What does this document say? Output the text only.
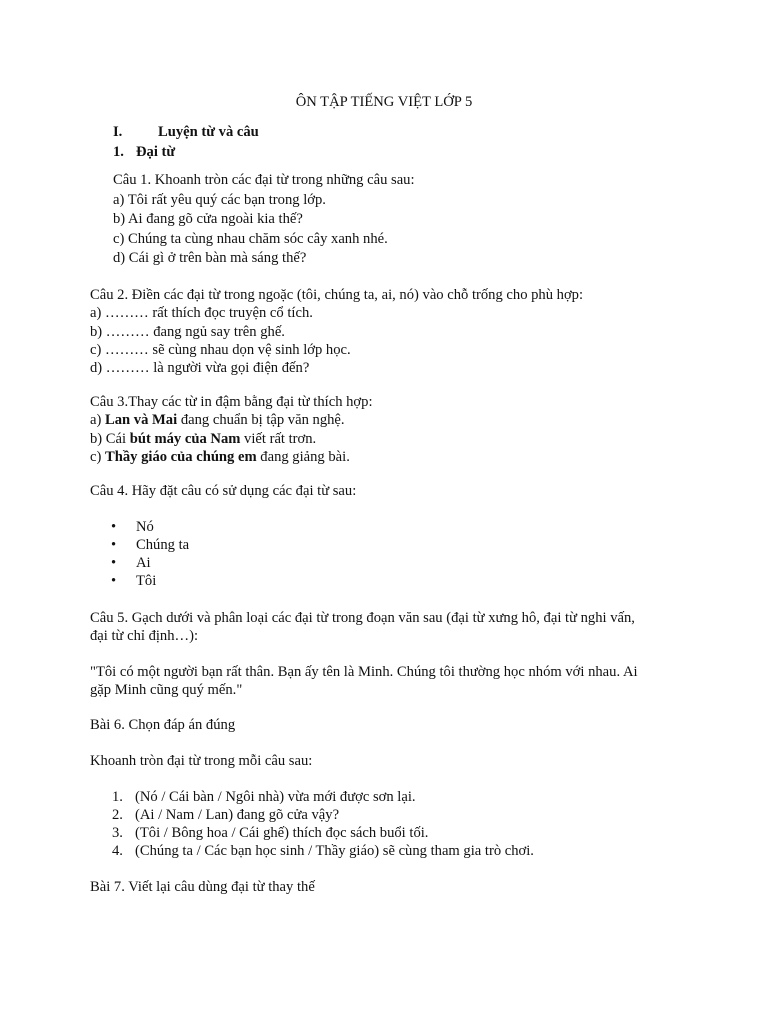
ÔN TẬP TIẾNG VIỆT LỚP 5
I. Luyện từ và câu
1. Đại từ
Câu 1. Khoanh tròn các đại từ trong những câu sau:
a) Tôi rất yêu quý các bạn trong lớp.
b) Ai đang gõ cửa ngoài kia thế?
c) Chúng ta cùng nhau chăm sóc cây xanh nhé.
d) Cái gì ở trên bàn mà sáng thế?
Câu 2. Điền các đại từ trong ngoặc (tôi, chúng ta, ai, nó) vào chỗ trống cho phù hợp:
a) ……… rất thích đọc truyện cổ tích.
b) ……… đang ngủ say trên ghế.
c) ……… sẽ cùng nhau dọn vệ sinh lớp học.
d) ……… là người vừa gọi điện đến?
Câu 3.Thay các từ in đậm bằng đại từ thích hợp:
a) Lan và Mai đang chuẩn bị tập văn nghệ.
b) Cái bút máy của Nam viết rất trơn.
c) Thầy giáo của chúng em đang giảng bài.
Câu 4. Hãy đặt câu có sử dụng các đại từ sau:
• Nó
• Chúng ta
• Ai
• Tôi
Câu 5. Gạch dưới và phân loại các đại từ trong đoạn văn sau (đại từ xưng hô, đại từ nghi vấn,
đại từ chỉ định…):
"Tôi có một người bạn rất thân. Bạn ấy tên là Minh. Chúng tôi thường học nhóm với nhau. Ai
gặp Minh cũng quý mến."
Bài 6. Chọn đáp án đúng
Khoanh tròn đại từ trong mỗi câu sau:
1. (Nó / Cái bàn / Ngôi nhà) vừa mới được sơn lại.
2. (Ai / Nam / Lan) đang gõ cửa vậy?
3. (Tôi / Bông hoa / Cái ghế) thích đọc sách buổi tối.
4. (Chúng ta / Các bạn học sinh / Thầy giáo) sẽ cùng tham gia trò chơi.
Bài 7. Viết lại câu dùng đại từ thay thế
